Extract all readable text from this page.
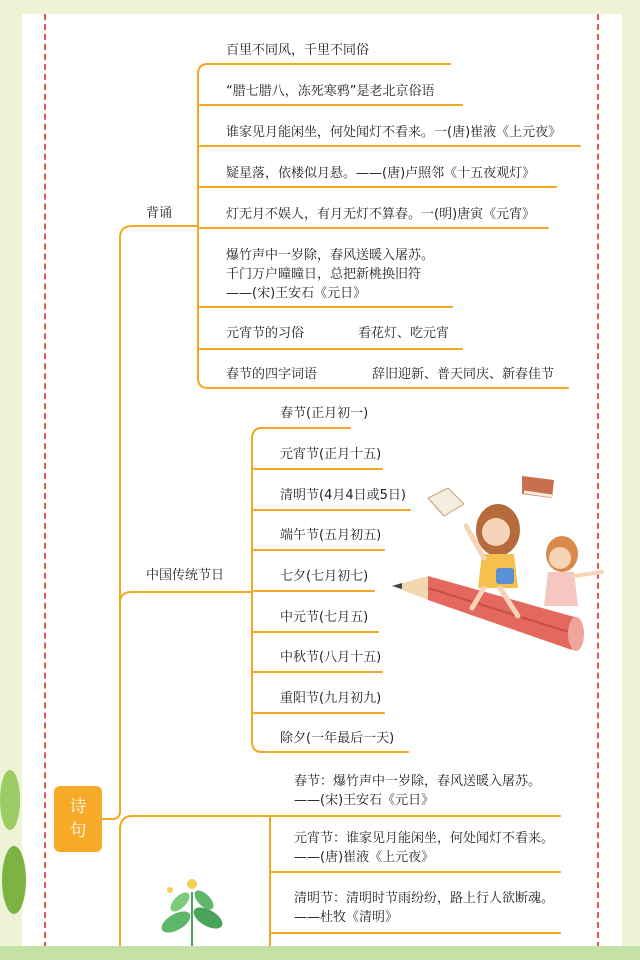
诗
句
背诵
中国传统节日
百里不同风，千里不同俗
“腊七腊八，冻死寒鸦”是老北京俗语
谁家见月能闲坐，何处闻灯不看来。一(唐)崔液《上元夜》
疑星落，依楼似月悬。——(唐)卢照邻《十五夜观灯》
灯无月不娱人，有月无灯不算春。一(明)唐寅《元宵》
爆竹声中一岁除，春风送暖入屠苏。
千门万户曈曈日，总把新桃换旧符
——(宋)王安石《元日》
元宵节的习俗	看花灯、吃元宵
春节的四字词语	辞旧迎新、普天同庆、新春佳节
春节(正月初一)
元宵节(正月十五)
清明节(4月4日或5日)
端午节(五月初五)
七夕(七月初七)
中元节(七月五)
中秋节(八月十五)
重阳节(九月初九)
除夕(一年最后一天)
春节：爆竹声中一岁除，春风送暖入屠苏。
——(宋)王安石《元日》
元宵节：谁家见月能闲坐，何处闻灯不看来。
——(唐)崔液《上元夜》
清明节：清明时节雨纷纷，路上行人欲断魂。
——杜牧《清明》
